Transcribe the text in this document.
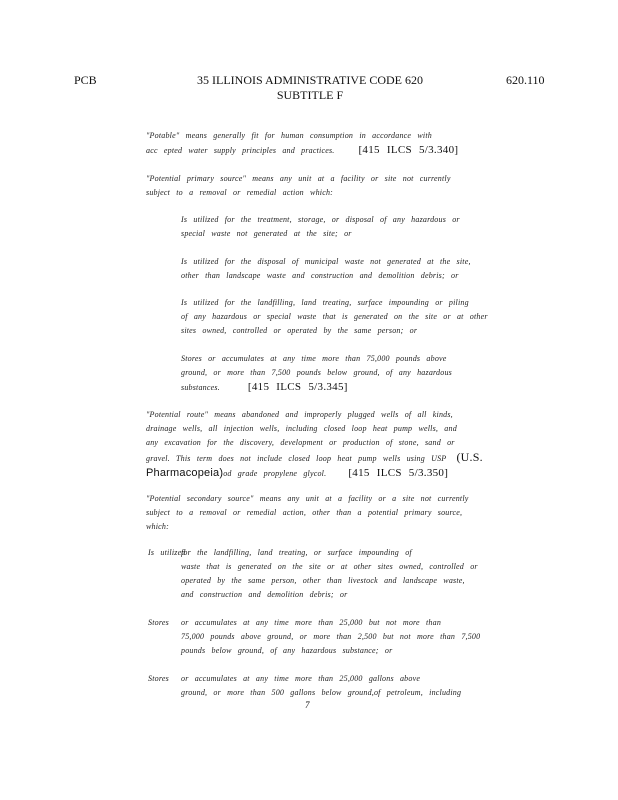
PCB	35 ILLINOIS ADMINISTRATIVE CODE 620
SUBTITLE F
620.110
"Potable" means generally fit for human consumption in accordance with
acc epted water supply principles and practices. [415 ILCS 5/3.340]
"Potential primary source" means any unit at a facility or site not currently
subject to a removal or remedial action which:
Is utilized for the treatment, storage, or disposal of any hazardous or
special waste not generated at the site; or
Is utilized for the disposal of municipal waste not generated at the site,
other than landscape waste and construction and demolition debris; or
Is utilized for the landfilling, land treating, surface impounding or piling
of any hazardous or special waste that is generated on the site or at other
sites owned, controlled or operated by the same person; or
Stores or accumulates at any time more than 75,000 pounds above
ground, or more than 7,500 pounds below ground, of any hazardous
substances.	[415 ILCS 5/3.345]
"Potential route" means abandoned and improperly plugged wells of all kinds,
drainage wells, all injection wells, including closed loop heat pump wells, and
any excavation for the discovery, development or production of stone, sand or
gravel. This term does not include closed loop heat pump wells using USP (U.S.
Pharmacopeia)od grade propylene glycol. [415 ILCS 5/3.350]
"Potential secondary source" means any unit at a facility or a site not currently
subject to a removal or remedial action, other than a potential primary source,
which:
Is utilized
for the landfilling, land treating, or surface impounding of
waste that is generated on the site or at other sites owned, controlled or
operated by the same person, other than livestock and landscape waste,
and construction and demolition debris; or
Stores or accumulates at any time more than 25,000 but not more than
75,000 pounds above ground, or more than 2,500 but not more than 7,500
pounds below ground, of any hazardous substance; or
Stores or accumulates at any time more than 25,000 gallons above
ground, or more than 500 gallons below ground,of petroleum, including
7
